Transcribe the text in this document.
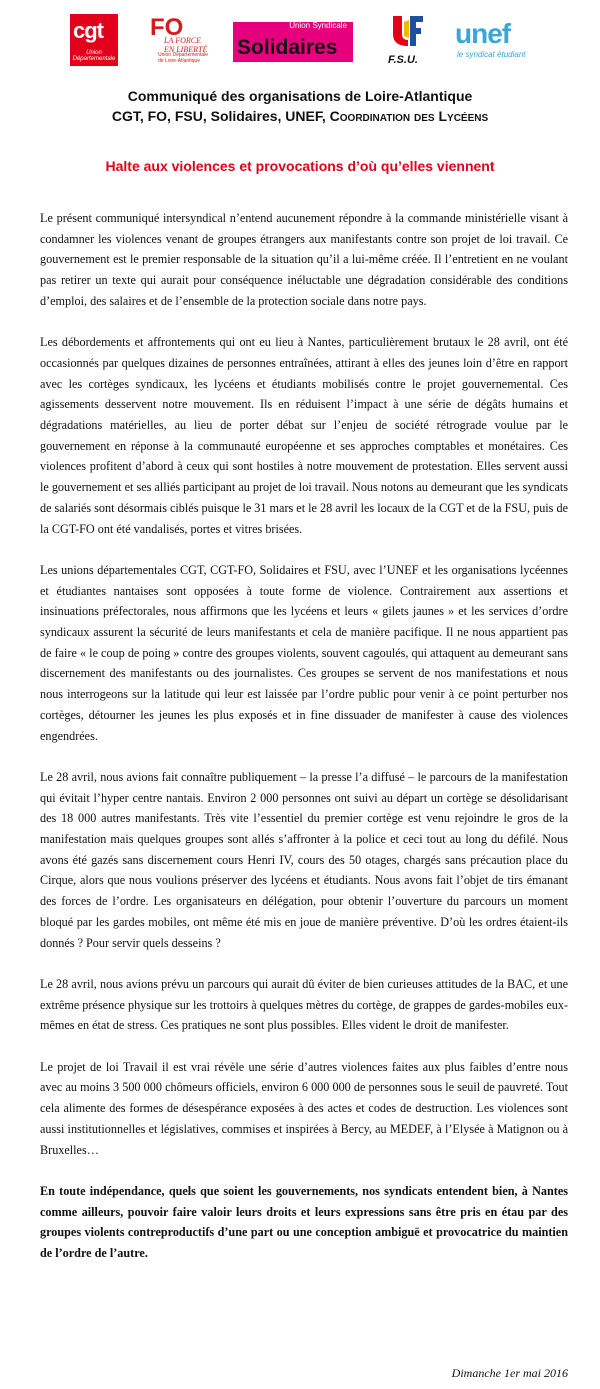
cgt
Union Départementale
FO
LA FORCE EN LIBERTÉ
Union Départementale de Loire-Atlantique
Union Syndicale
Solidaires
F.S.U.
unef
le syndicat étudiant
Communiqué des organisations de Loire-Atlantique
CGT, FO, FSU, Solidaires, UNEF, Coordination des Lycéens
Halte aux violences et provocations d’où qu’elles viennent

Le présent communiqué intersyndical n’entend aucunement répondre à la commande ministérielle visant à condamner les violences venant de groupes étrangers aux manifestants contre son projet de loi travail. Ce gouvernement est le premier responsable de la situation qu’il a lui-même créée. Il l’entretient en ne voulant pas retirer un texte qui aurait pour conséquence inéluctable une dégradation considérable des conditions d’emploi, des salaires et de l’ensemble de la protection sociale dans notre pays.

Les débordements et affrontements qui ont eu lieu à Nantes, particulièrement brutaux le 28 avril, ont été occasionnés par quelques dizaines de personnes entraînées, attirant à elles des jeunes loin d’être en rapport avec les cortèges syndicaux, les lycéens et étudiants mobilisés contre le projet gouvernemental. Ces agissements desservent notre mouvement. Ils en réduisent l’impact à une série de dégâts humains et dégradations matérielles, au lieu de porter débat sur l’enjeu de société rétrograde voulue par le gouvernement en réponse à la communauté européenne et ses approches comptables et monétaires. Ces violences profitent d’abord à ceux qui sont hostiles à notre mouvement de protestation. Elles servent aussi le gouvernement et ses alliés participant au projet de loi travail. Nous notons au demeurant que les syndicats de salariés sont désormais ciblés puisque le 31 mars et le 28 avril les locaux de la CGT et de la FSU, puis de la CGT-FO ont été vandalisés, portes et vitres brisées.

Les unions départementales CGT, CGT-FO, Solidaires et FSU, avec l’UNEF et les organisations lycéennes et étudiantes nantaises sont opposées à toute forme de violence. Contrairement aux assertions et insinuations préfectorales, nous affirmons que les lycéens et leurs « gilets jaunes » et les services d’ordre syndicaux assurent la sécurité de leurs manifestants et cela de manière pacifique. Il ne nous appartient pas de faire « le coup de poing » contre des groupes violents, souvent cagoulés, qui attaquent au demeurant sans discernement des manifestants ou des journalistes. Ces groupes se servent de nos manifestations et nous nous interrogeons sur la latitude qui leur est laissée par l’ordre public pour venir à ce point perturber nos cortèges, détourner les jeunes les plus exposés et in fine dissuader de manifester à cause des violences engendrées.

Le 28 avril, nous avions fait connaître publiquement – la presse l’a diffusé – le parcours de la manifestation qui évitait l’hyper centre nantais. Environ 2 000 personnes ont suivi au départ un cortège se désolidarisant des 18 000 autres manifestants. Très vite l’essentiel du premier cortège est venu rejoindre le gros de la manifestation mais quelques groupes sont allés s’affronter à la police et ceci tout au long du défilé. Nous avons été gazés sans discernement cours Henri IV, cours des 50 otages, chargés sans précaution place du Cirque, alors que nous voulions préserver des lycéens et étudiants. Nous avons fait l’objet de tirs émanant des forces de l’ordre. Les organisateurs en délégation, pour obtenir l’ouverture du parcours un moment bloqué par les gardes mobiles, ont même été mis en joue de manière préventive. D’où les ordres étaient-ils donnés ? Pour servir quels desseins ?

Le 28 avril, nous avions prévu un parcours qui aurait dû éviter de bien curieuses attitudes de la BAC, et une extrême présence physique sur les trottoirs à quelques mètres du cortège, de grappes de gardes-mobiles eux-mêmes en état de stress. Ces pratiques ne sont plus possibles. Elles vident le droit de manifester.

Le projet de loi Travail il est vrai révèle une série d’autres violences faites aux plus faibles d’entre nous avec au moins 3 500 000 chômeurs officiels, environ 6 000 000 de personnes sous le seuil de pauvreté. Tout cela alimente des formes de désespérance exposées à des actes et codes de destruction. Les violences sont aussi institutionnelles et législatives, commises et inspirées à Bercy, au MEDEF, à l’Elysée à Matignon ou à Bruxelles…

En toute indépendance, quels que soient les gouvernements, nos syndicats entendent bien, à Nantes comme ailleurs, pouvoir faire valoir leurs droits et leurs expressions sans être pris en étau par des groupes violents contreproductifs d’une part ou une conception ambiguë et provocatrice du maintien de l’ordre de l’autre.

Dimanche 1er mai 2016
